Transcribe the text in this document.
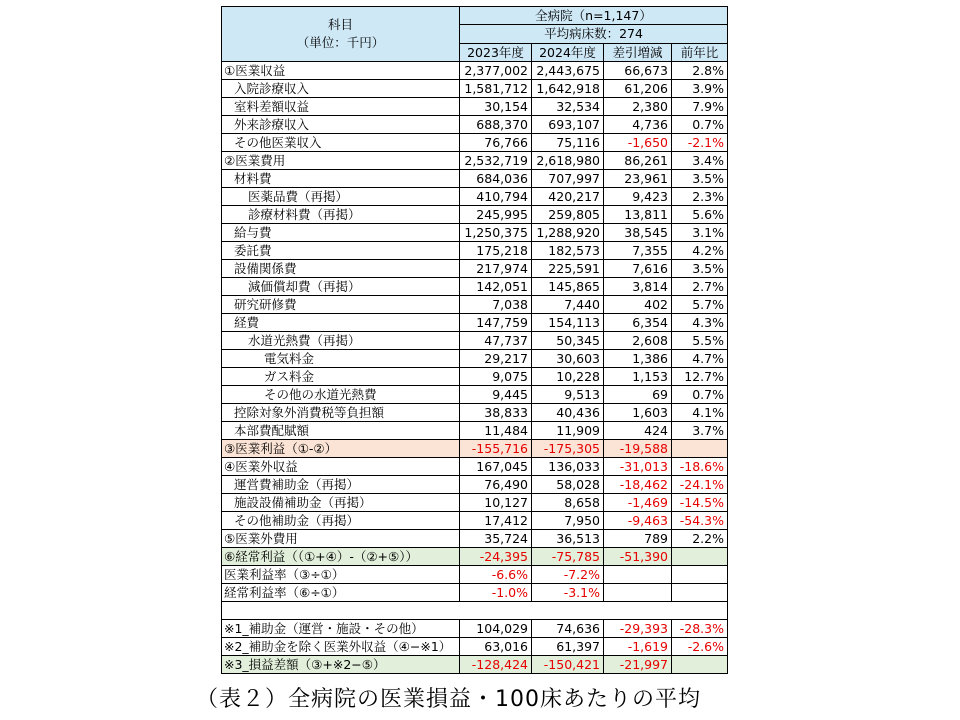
科目
（単位：千円）	全病院（n=1,147）			
	平均病床数：274			
	2023年度	2024年度	差引増減	前年比
①医業収益	2,377,002	2,443,675	66,673	2.8%
入院診療収入	1,581,712	1,642,918	61,206	3.9%
室料差額収益	30,154	32,534	2,380	7.9%
外来診療収入	688,370	693,107	4,736	0.7%
その他医業収入	76,766	75,116	-1,650	-2.1%
②医業費用	2,532,719	2,618,980	86,261	3.4%
材料費	684,036	707,997	23,961	3.5%
医薬品費（再掲）	410,794	420,217	9,423	2.3%
診療材料費（再掲）	245,995	259,805	13,811	5.6%
給与費	1,250,375	1,288,920	38,545	3.1%
委託費	175,218	182,573	7,355	4.2%
設備関係費	217,974	225,591	7,616	3.5%
減価償却費（再掲）	142,051	145,865	3,814	2.7%
研究研修費	7,038	7,440	402	5.7%
経費	147,759	154,113	6,354	4.3%
水道光熱費（再掲）	47,737	50,345	2,608	5.5%
電気料金	29,217	30,603	1,386	4.7%
ガス料金	9,075	10,228	1,153	12.7%
その他の水道光熱費	9,445	9,513	69	0.7%
控除対象外消費税等負担額	38,833	40,436	1,603	4.1%
本部費配賦額	11,484	11,909	424	3.7%
③医業利益（①-②）	-155,716	-175,305	-19,588	
④医業外収益	167,045	136,033	-31,013	-18.6%
運営費補助金（再掲）	76,490	58,028	-18,462	-24.1%
施設設備補助金（再掲）	10,127	8,658	-1,469	-14.5%
その他補助金（再掲）	17,412	7,950	-9,463	-54.3%
⑤医業外費用	35,724	36,513	789	2.2%
⑥経常利益（（①+④）-（②+⑤））	-24,395	-75,785	-51,390	
医業利益率（③÷①）	-6.6%	-7.2%		
経常利益率（⑥÷①）	-1.0%	-3.1%		

※1_補助金（運営・施設・その他）	104,029	74,636	-29,393	-28.3%
※2_補助金を除く医業外収益（④−※1）	63,016	61,397	-1,619	-2.6%
※3_損益差額（③+※2−⑤）	-128,424	-150,421	-21,997	
（表２）全病院の医業損益・100床あたりの平均
